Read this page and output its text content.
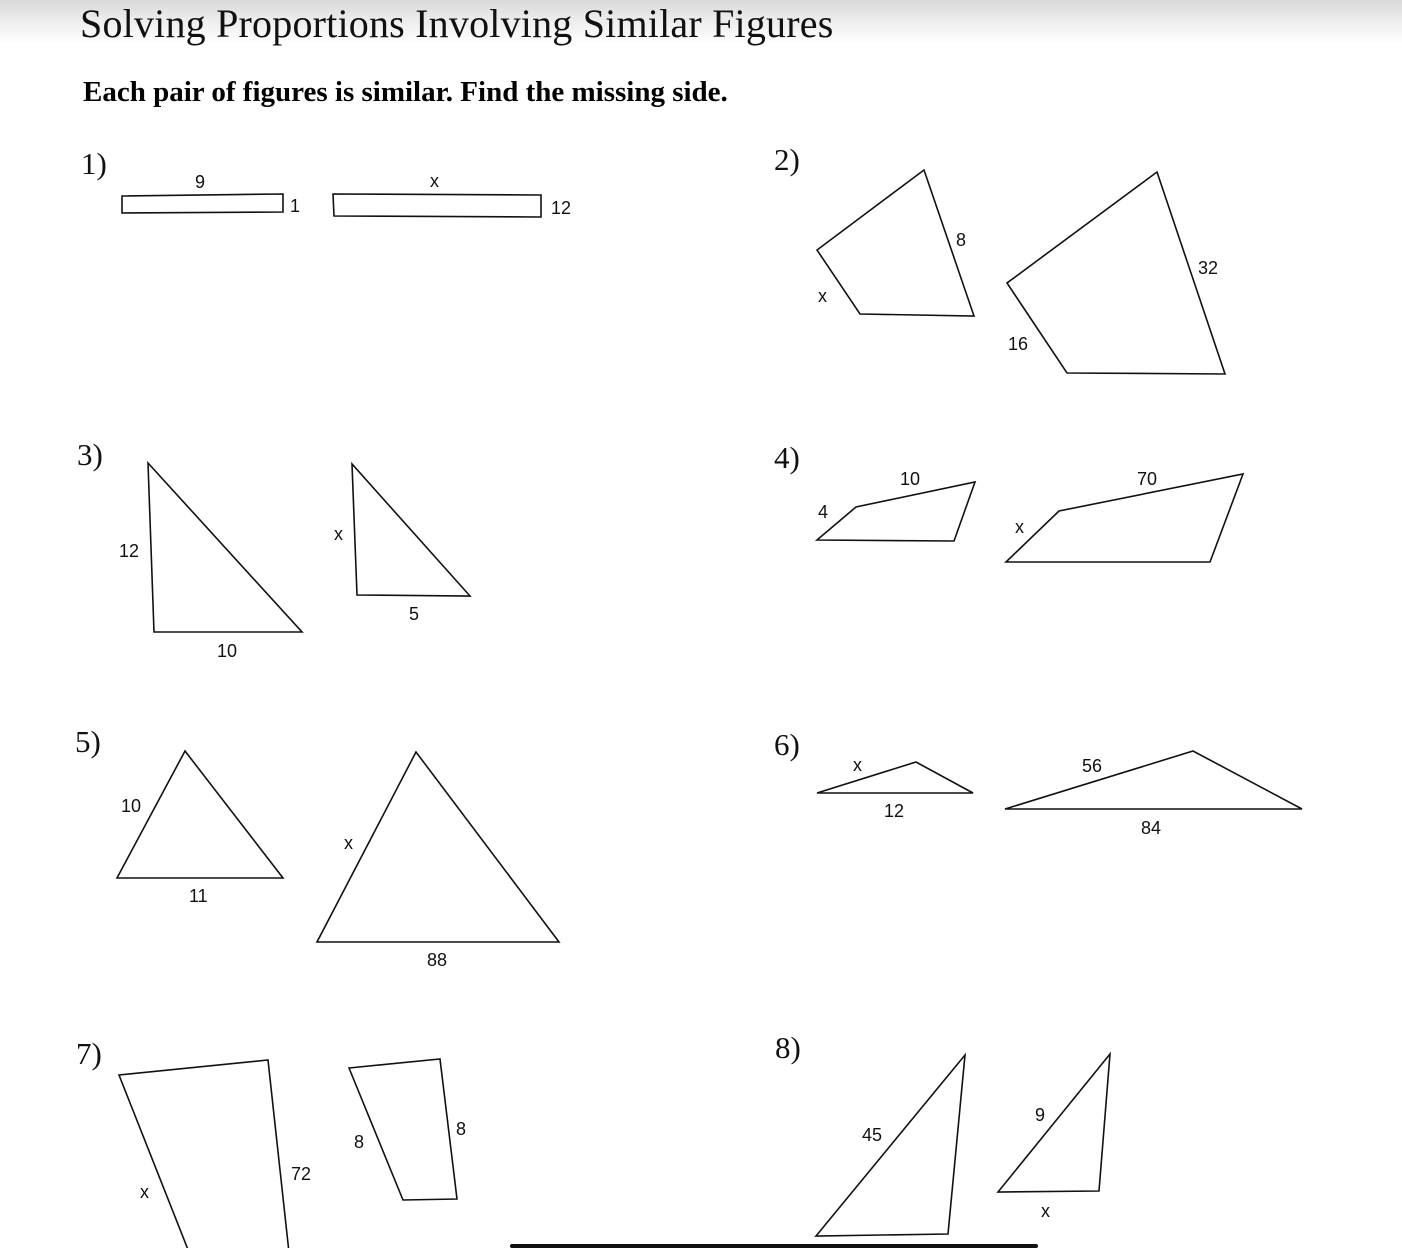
Solving Proportions Involving Similar Figures
Each pair of figures is similar. Find the missing side.
1)	2)
3)	4)
5)	6)
7)	8)
9
1
x
12
8
x
32
16
12
10
x
5
10
4
70
x
10
11
x
88
x
12
56
84
x
72
8
8	45
9
x
